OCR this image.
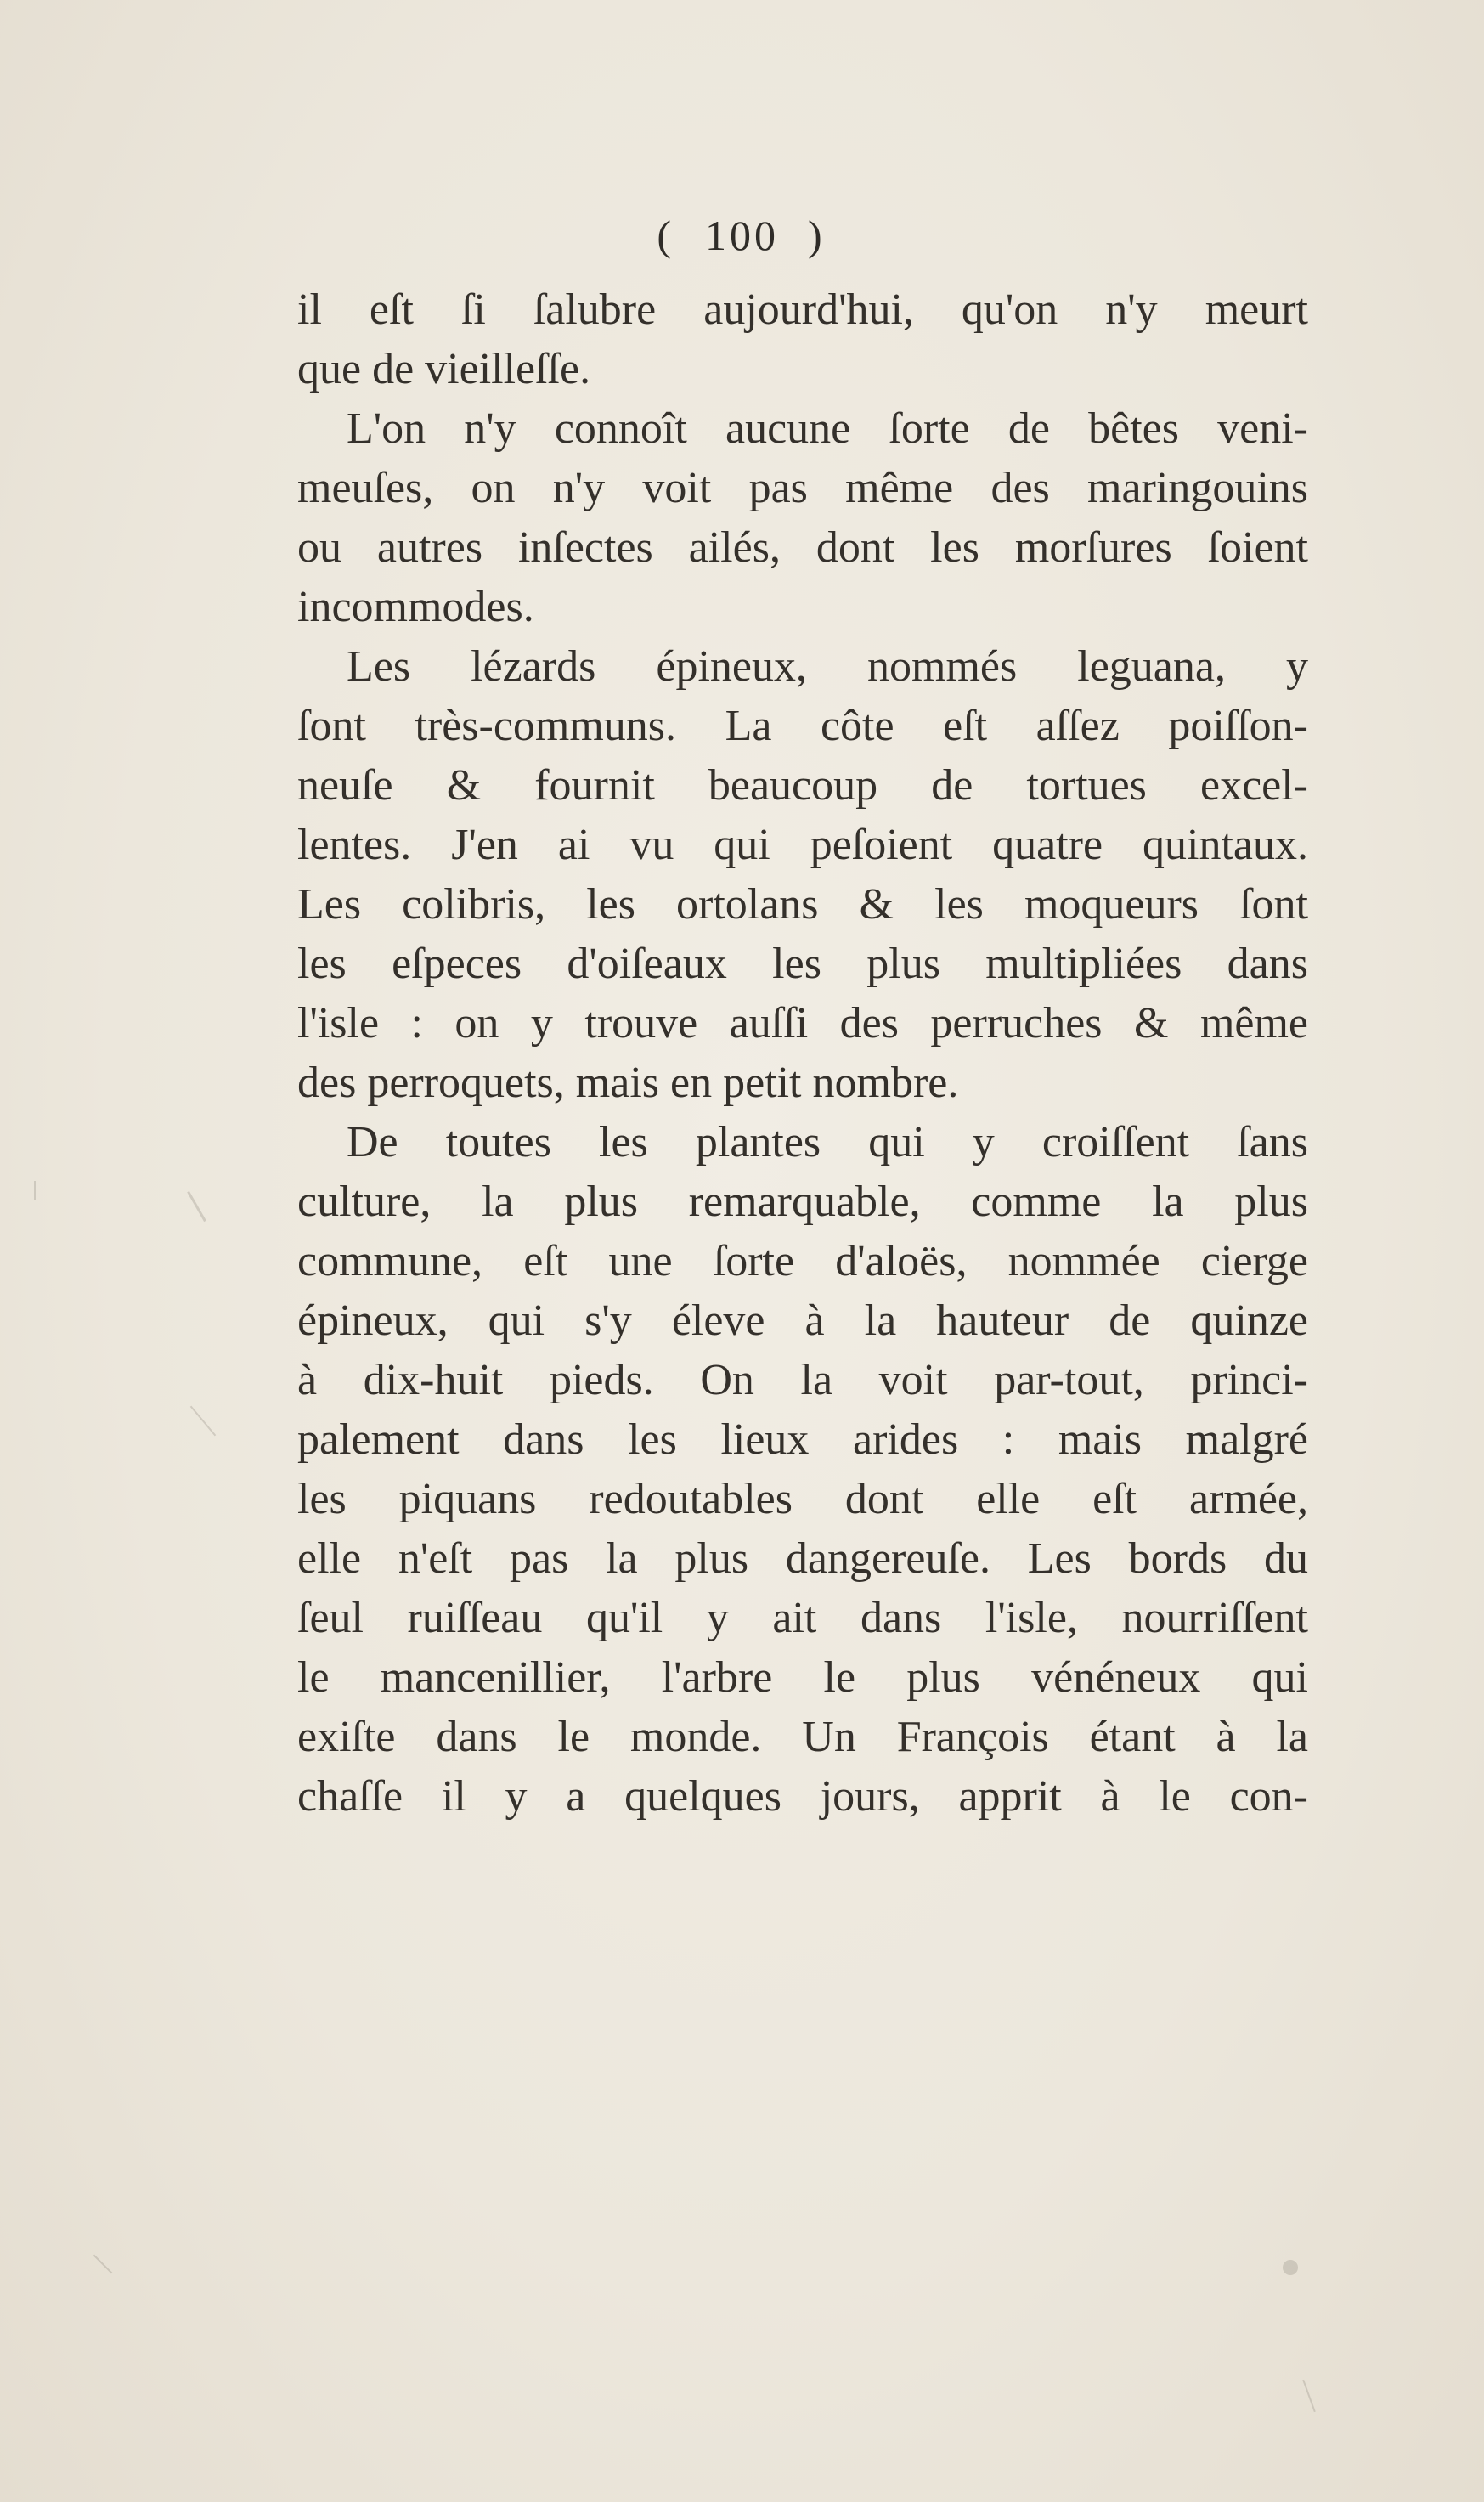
( 100 )
il eſt ſi ſalubre aujourd'hui, qu'on n'y meurt
que de vieilleſſe.
L'on n'y connoît aucune ſorte de bêtes veni-
meuſes, on n'y voit pas même des maringouins
ou autres inſectes ailés, dont les morſures ſoient
incommodes.
Les lézards épineux, nommés leguana, y
ſont très-communs. La côte eſt aſſez poiſſon-
neuſe & fournit beaucoup de tortues excel-
lentes. J'en ai vu qui peſoient quatre quintaux.
Les colibris, les ortolans & les moqueurs ſont
les eſpeces d'oiſeaux les plus multipliées dans
l'isle : on y trouve auſſi des perruches & même
des perroquets, mais en petit nombre.
De toutes les plantes qui y croiſſent ſans
culture, la plus remarquable, comme la plus
commune, eſt une ſorte d'aloës, nommée cierge
épineux, qui s'y éleve à la hauteur de quinze
à dix-huit pieds. On la voit par-tout, princi-
palement dans les lieux arides : mais malgré
les piquans redoutables dont elle eſt armée,
elle n'eſt pas la plus dangereuſe. Les bords du
ſeul ruiſſeau qu'il y ait dans l'isle, nourriſſent
le mancenillier, l'arbre le plus vénéneux qui
exiſte dans le monde. Un François étant à la
chaſſe il y a quelques jours, apprit à le con-
